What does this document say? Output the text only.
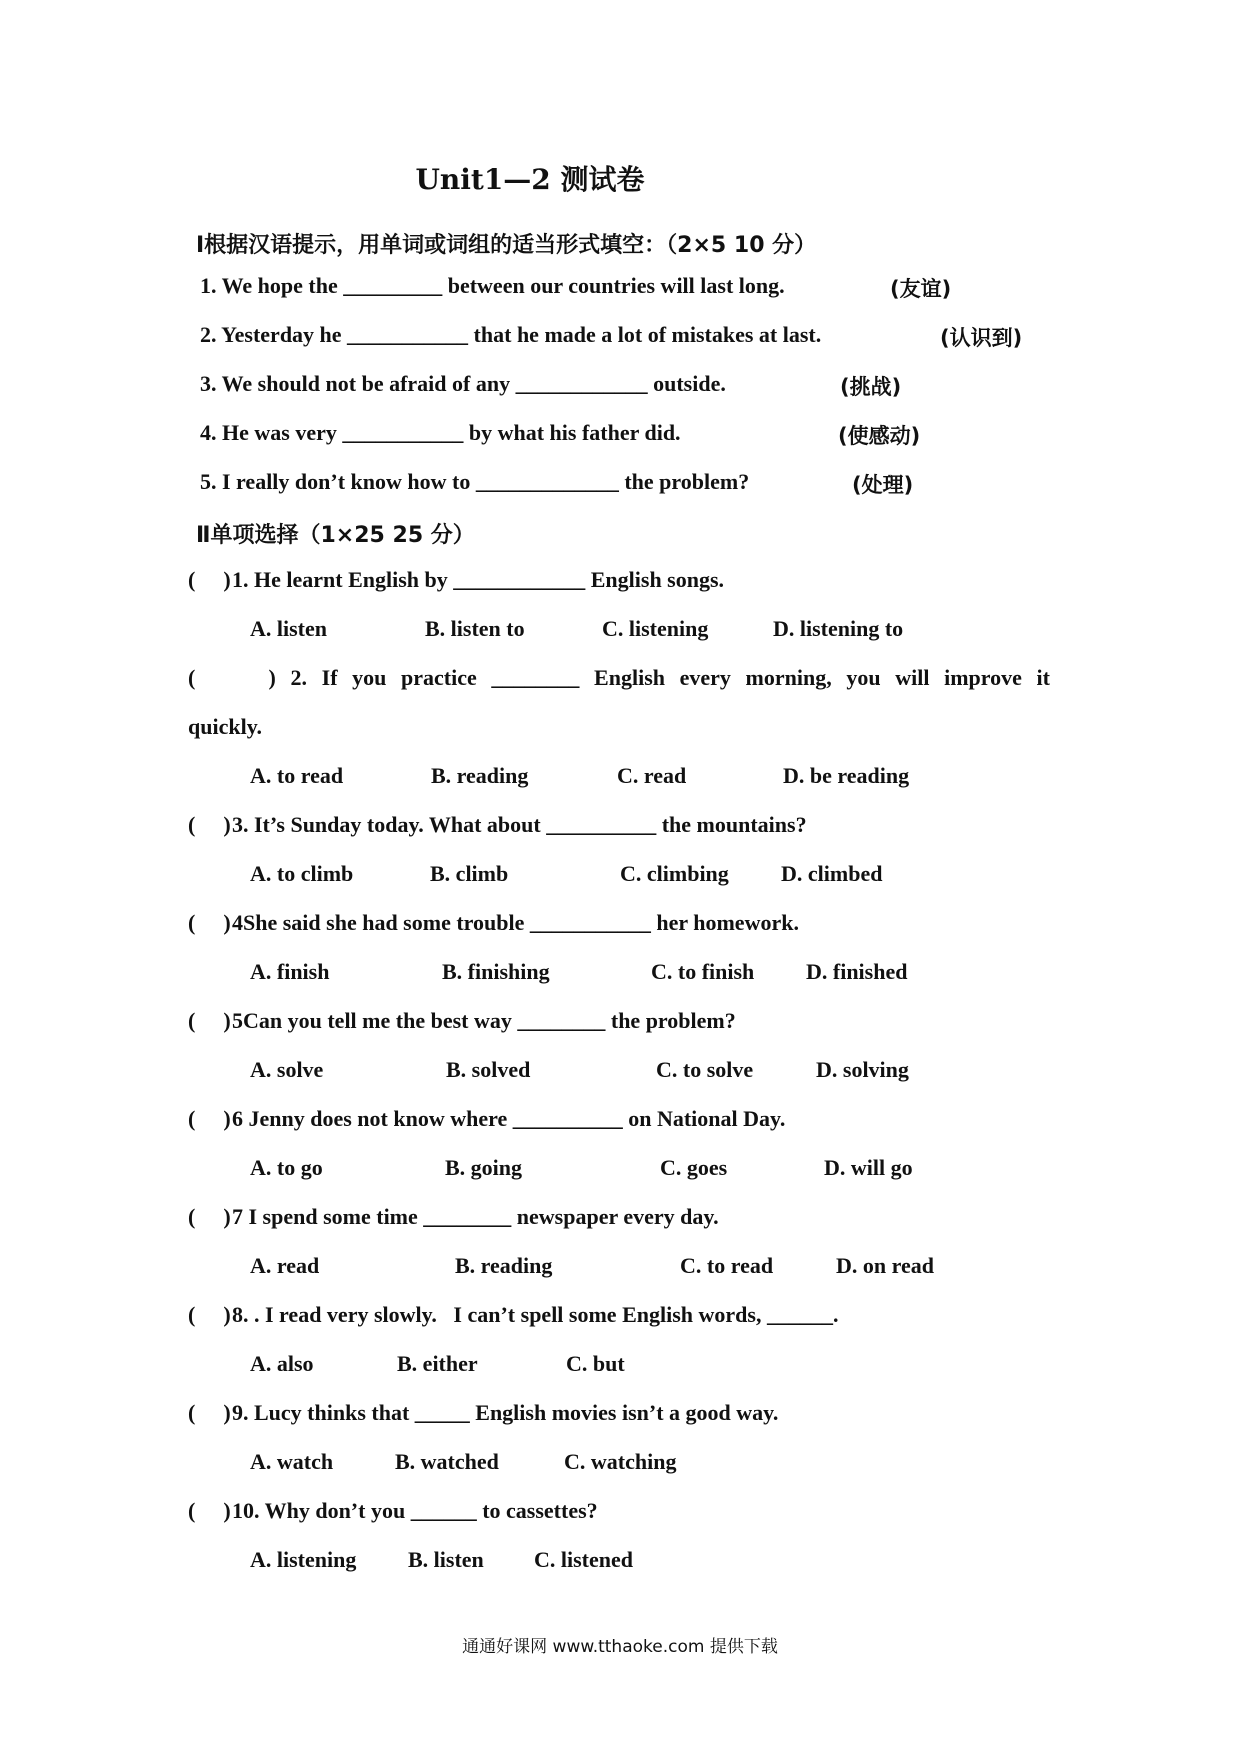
Unit1—2 测试卷
Ⅰ根据汉语提示，用单词或词组的适当形式填空：（2×5 10 分）
1. We hope the _________ between our countries will last long.	(友谊)
2. Yesterday he ___________ that he made a lot of mistakes at last.	(认识到)
3. We should not be afraid of any ____________ outside.	(挑战)
4. He was very ___________ by what his father did.	(使感动)
5. I really don’t know how to _____________ the problem?	(处理)
Ⅱ单项选择（1×25 25 分）
( )1. He learnt English by ____________ English songs.
A. listen	B. listen to	C. listening	D. listening to
(	) 2. If you practice ________ English every morning, you will improve it
quickly.
A. to read	B. reading	C. read	D. be reading
( )3. It’s Sunday today. What about __________ the mountains?
A. to climb	B. climb	C. climbing D. climbed
( )4She said she had some trouble ___________ her homework.
A. finish	B. finishing	C. to finish D. finished
( )5Can you tell me the best way ________ the problem?
A. solve	B. solved	C. to solve	D. solving
( )6 Jenny does not know where __________ on National Day.
A. to go	B. going	C. goes	D. will go
( )7 I spend some time ________ newspaper every day.
A. read	B. reading	C. to read	D. on read
( )8. . I read very slowly.   I can’t spell some English words, ______.
A. also	B. either	C. but
( )9. Lucy thinks that _____ English movies isn’t a good way.
A. watch	B. watched	C. watching
( )10. Why don’t you ______ to cassettes?
A. listening B. listen C. listened
通通好课网 www.tthaoke.com 提供下载
